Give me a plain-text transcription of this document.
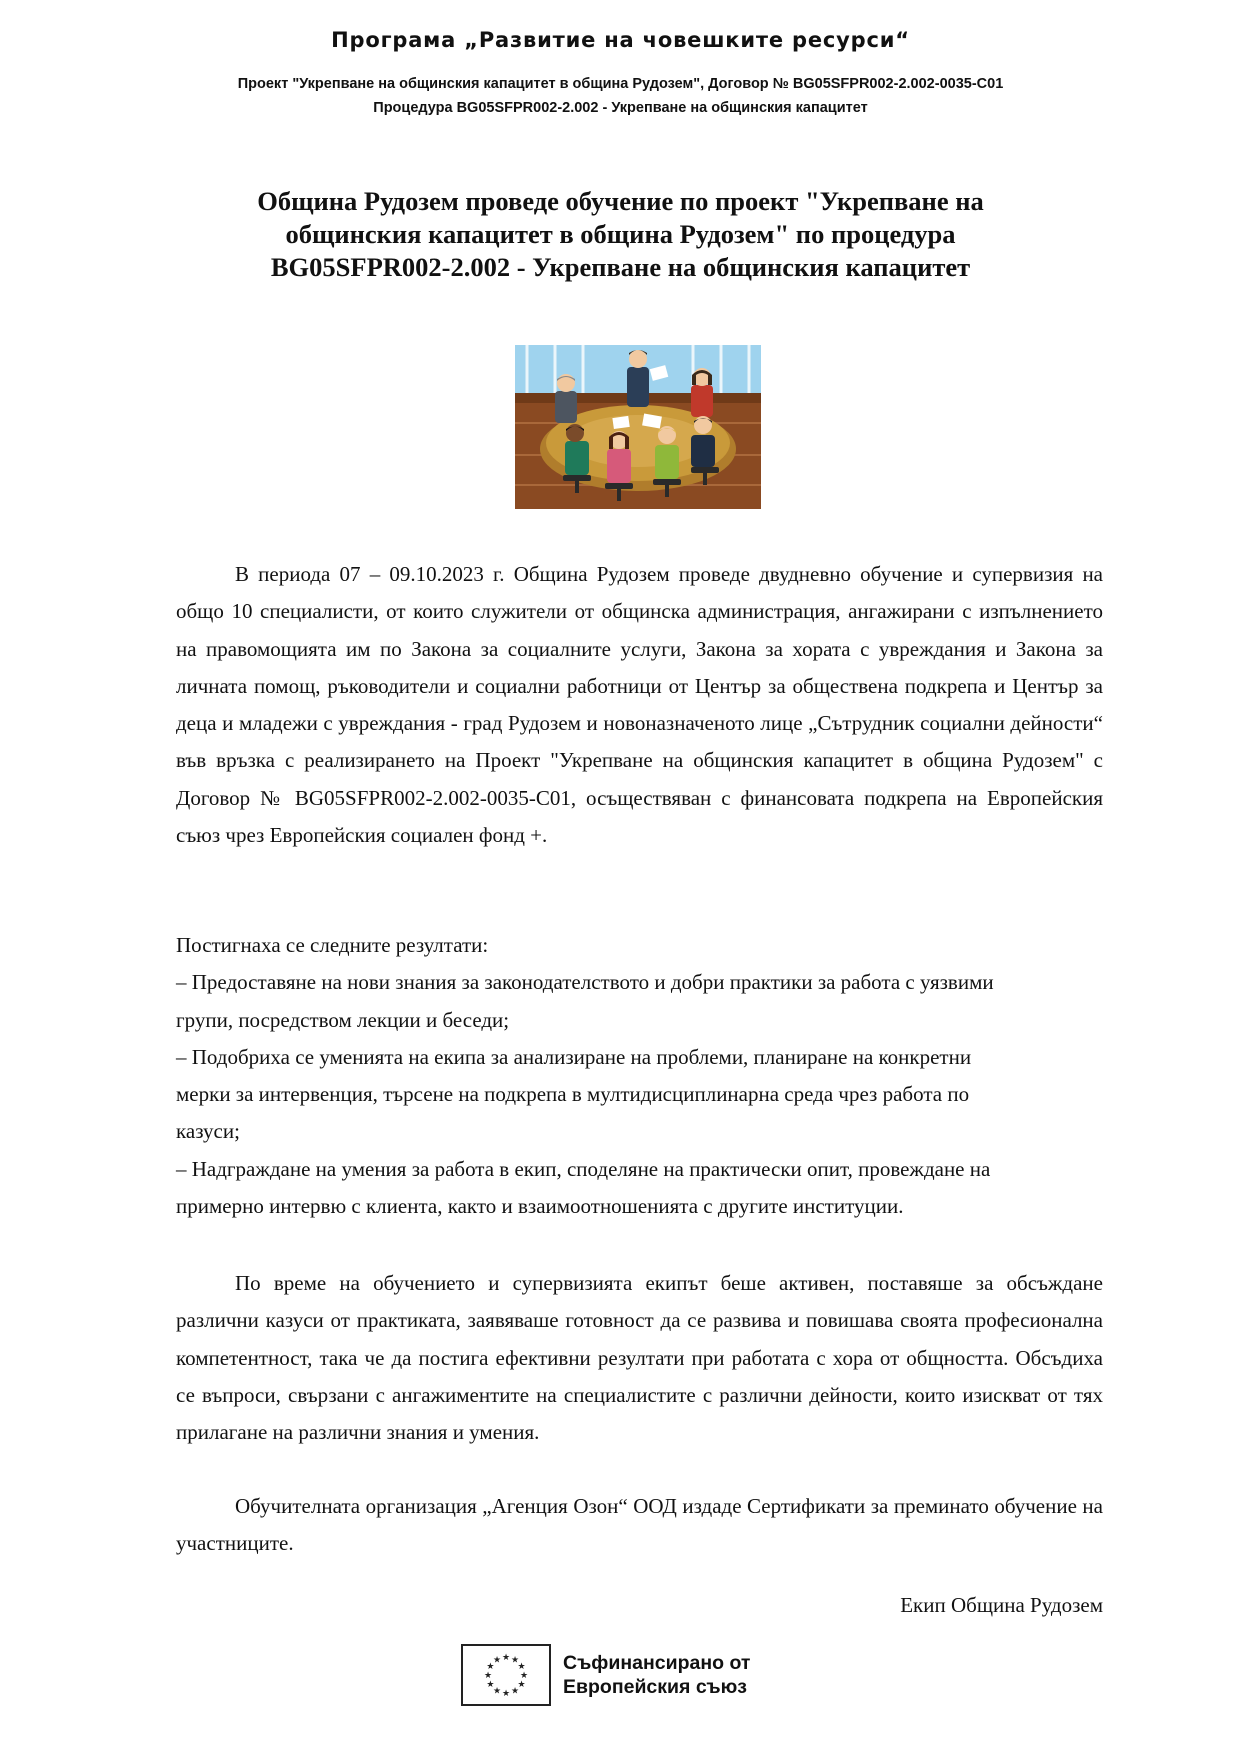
Програма „Развитие на човешките ресурси“
Проект "Укрепване на общинския капацитет в община Рудозем", Договор № BG05SFPR002-2.002-0035-C01
Процедура BG05SFPR002-2.002 - Укрепване на общинския капацитет
Община Рудозем проведе обучение по проект "Укрепване на
общинския капацитет в община Рудозем" по процедура
BG05SFPR002-2.002 - Укрепване на общинския капацитет
В периода 07 – 09.10.2023 г. Община Рудозем проведе двудневно обучение и супервизия на общо 10 специалисти, от които служители от общинска администрация, ангажирани с изпълнението на правомощията им по Закона за социалните услуги, Закона за хората с увреждания и Закона за личната помощ, ръководители и социални работници от Център за обществена подкрепа и Център за деца и младежи с увреждания - град Рудозем и новоназначеното лице „Сътрудник социални дейности“ във връзка с реализирането на Проект "Укрепване на общинския капацитет в община Рудозем" с Договор № BG05SFPR002-2.002-0035-C01, осъществяван с финансовата подкрепа на Европейския съюз чрез Европейския социален фонд +.
Постигнаха се следните резултати:
– Предоставяне на нови знания за законодателството и добри практики за работа с уязвими
групи, посредством лекции и беседи;
– Подобриха се уменията на екипа за анализиране на проблеми, планиране на конкретни
мерки за интервенция, търсене на подкрепа в мултидисциплинарна среда чрез работа по
казуси;
– Надграждане на умения за работа в екип, споделяне на практически опит, провеждане на
примерно интервю с клиента, както и взаимоотношенията с другите институции.
По време на обучението и супервизията екипът беше активен, поставяше за обсъждане различни казуси от практиката, заявяваше готовност да се развива и повишава своята професионална компетентност, така че да постига ефективни резултати при работата с хора от общността. Обсъдиха се въпроси, свързани с ангажиментите на специалистите с различни дейности, които изискват от тях прилагане на различни знания и умения.
Обучителната организация „Агенция Озон“ ООД издаде Сертификати за преминато обучение на участниците.
Екип Община Рудозем
★ ★
★
★
★
★
★
★
★
★
★
★	Съфинансирано от
Европейския съюз
